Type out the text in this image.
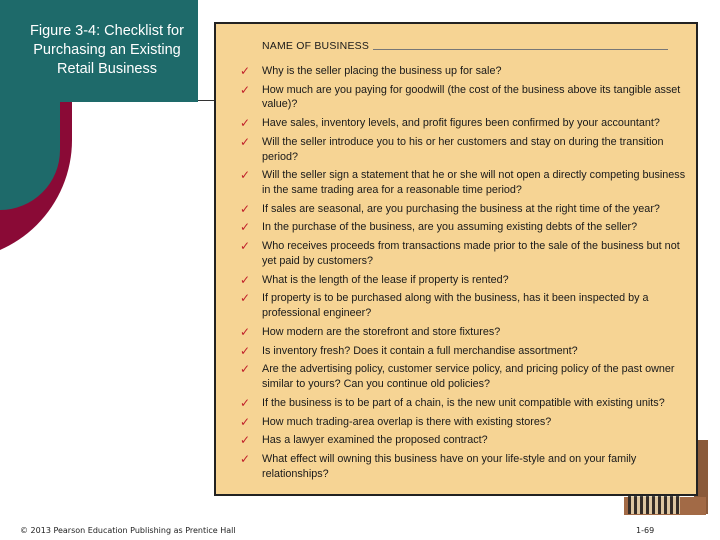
Figure 3-4: Checklist for Purchasing an Existing Retail Business
NAME OF BUSINESS
✓	Why is the seller placing the business up for sale?
✓	How much are you paying for goodwill (the cost of the business above its tangible asset value)?
✓	Have sales, inventory levels, and profit figures been confirmed by your accountant?
✓	Will the seller introduce you to his or her customers and stay on during the transition period?
✓	Will the seller sign a statement that he or she will not open a directly competing business in the same trading area for a reasonable time period?
✓	If sales are seasonal, are you purchasing the business at the right time of the year?
✓	In the purchase of the business, are you assuming existing debts of the seller?
✓	Who receives proceeds from transactions made prior to the sale of the business but not yet paid by customers?
✓	What is the length of the lease if property is rented?
✓	If property is to be purchased along with the business, has it been inspected by a professional engineer?
✓	How modern are the storefront and store fixtures?
✓	Is inventory fresh? Does it contain a full merchandise assortment?
✓	Are the advertising policy, customer service policy, and pricing policy of the past owner similar to yours? Can you continue old policies?
✓	If the business is to be part of a chain, is the new unit compatible with existing units?
✓	How much trading-area overlap is there with existing stores?
✓	Has a lawyer examined the proposed contract?
✓	What effect will owning this business have on your life-style and on your family relationships?
© 2013 Pearson Education Publishing as Prentice Hall	1-69
